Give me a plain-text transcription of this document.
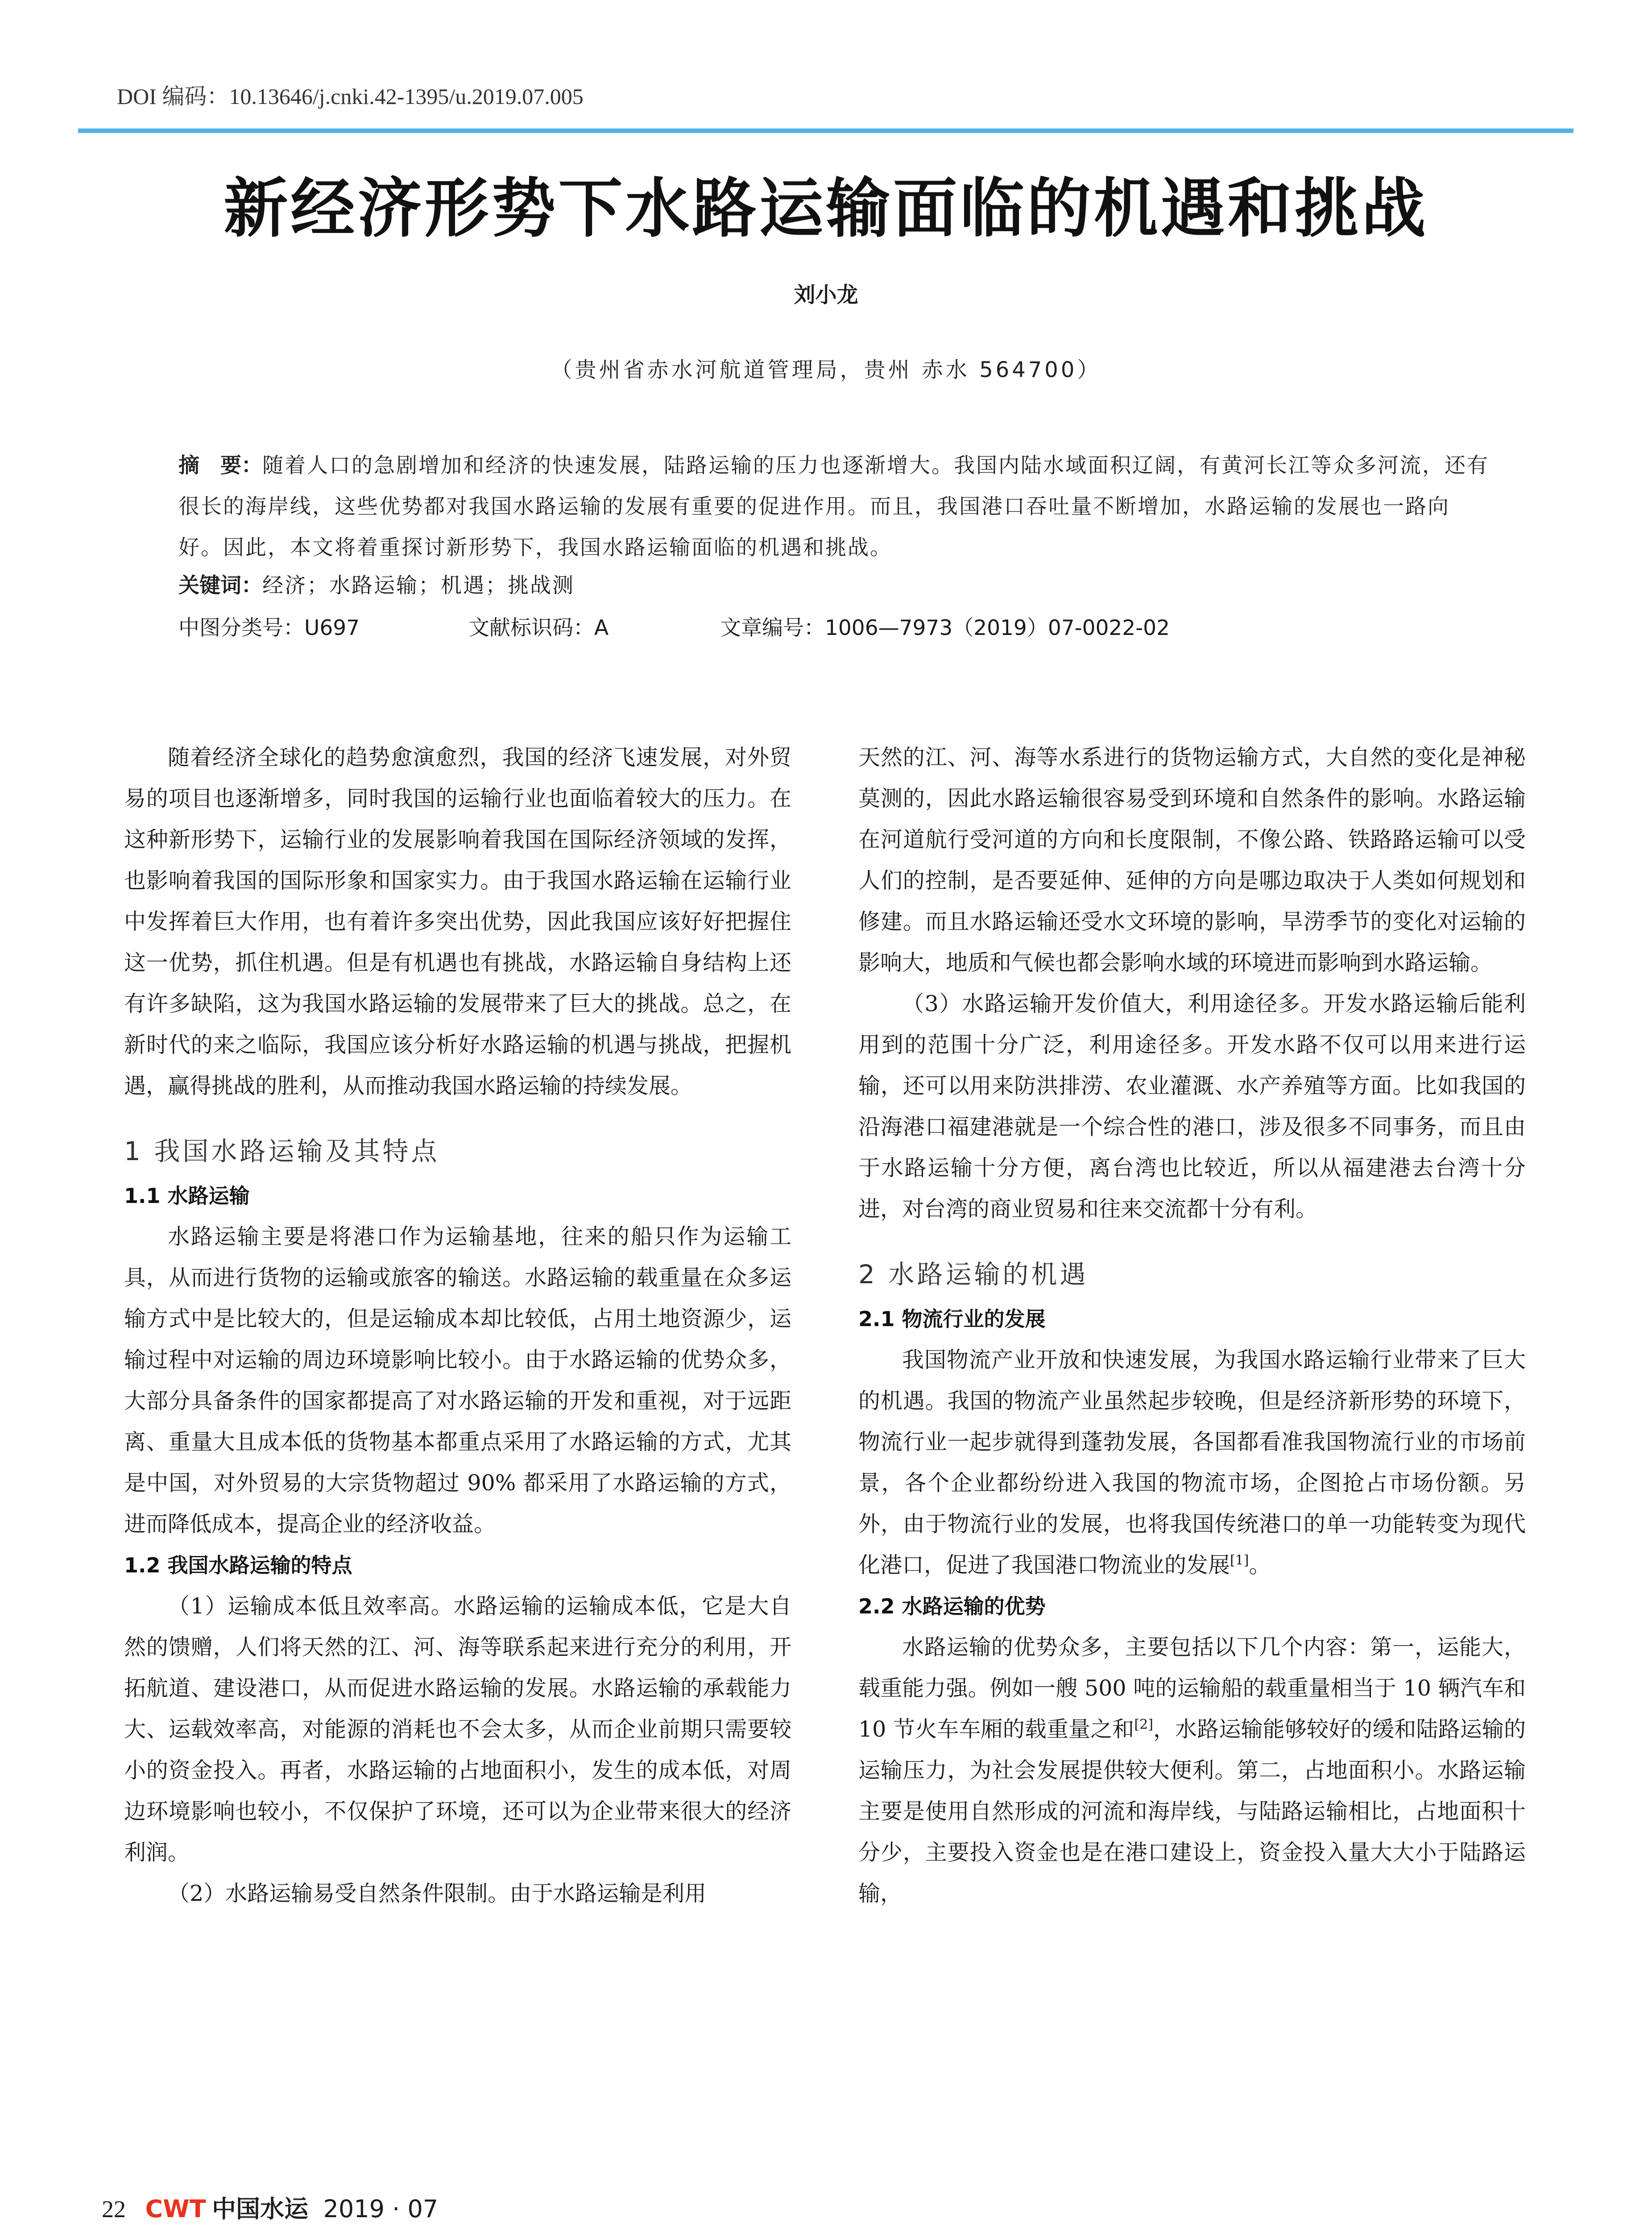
DOI 编码：10.13646/j.cnki.42-1395/u.2019.07.005
新经济形势下水路运输面临的机遇和挑战
刘小龙
（贵州省赤水河航道管理局，贵州 赤水 564700）
摘　要：随着人口的急剧增加和经济的快速发展，陆路运输的压力也逐渐增大。我国内陆水域面积辽阔，有黄河长江等众多河流，还有很长的海岸线，这些优势都对我国水路运输的发展有重要的促进作用。而且，我国港口吞吐量不断增加，水路运输的发展也一路向好。因此，本文将着重探讨新形势下，我国水路运输面临的机遇和挑战。
关键词：经济；水路运输；机遇；挑战测
中图分类号：U697	文献标识码：A	文章编号：1006—7973（2019）07-0022-02

随着经济全球化的趋势愈演愈烈，我国的经济飞速发展，对外贸易的项目也逐渐增多，同时我国的运输行业也面临着较大的压力。在这种新形势下，运输行业的发展影响着我国在国际经济领域的发挥，也影响着我国的国际形象和国家实力。由于我国水路运输在运输行业中发挥着巨大作用，也有着许多突出优势，因此我国应该好好把握住这一优势，抓住机遇。但是有机遇也有挑战，水路运输自身结构上还有许多缺陷，这为我国水路运输的发展带来了巨大的挑战。总之，在新时代的来之临际，我国应该分析好水路运输的机遇与挑战，把握机遇，赢得挑战的胜利，从而推动我国水路运输的持续发展。

1 我国水路运输及其特点
1.1 水路运输

水路运输主要是将港口作为运输基地，往来的船只作为运输工具，从而进行货物的运输或旅客的输送。水路运输的载重量在众多运输方式中是比较大的，但是运输成本却比较低，占用土地资源少，运输过程中对运输的周边环境影响比较小。由于水路运输的优势众多，大部分具备条件的国家都提高了对水路运输的开发和重视，对于远距离、重量大且成本低的货物基本都重点采用了水路运输的方式，尤其是中国，对外贸易的大宗货物超过 90% 都采用了水路运输的方式，进而降低成本，提高企业的经济收益。

1.2 我国水路运输的特点

（1）运输成本低且效率高。水路运输的运输成本低，它是大自然的馈赠，人们将天然的江、河、海等联系起来进行充分的利用，开拓航道、建设港口，从而促进水路运输的发展。水路运输的承载能力大、运载效率高，对能源的消耗也不会太多，从而企业前期只需要较小的资金投入。再者，水路运输的占地面积小，发生的成本低，对周边环境影响也较小，不仅保护了环境，还可以为企业带来很大的经济利润。

（2）水路运输易受自然条件限制。由于水路运输是利用

天然的江、河、海等水系进行的货物运输方式，大自然的变化是神秘莫测的，因此水路运输很容易受到环境和自然条件的影响。水路运输在河道航行受河道的方向和长度限制，不像公路、铁路路运输可以受人们的控制，是否要延伸、延伸的方向是哪边取决于人类如何规划和修建。而且水路运输还受水文环境的影响，旱涝季节的变化对运输的影响大，地质和气候也都会影响水域的环境进而影响到水路运输。

（3）水路运输开发价值大，利用途径多。开发水路运输后能利用到的范围十分广泛，利用途径多。开发水路不仅可以用来进行运输，还可以用来防洪排涝、农业灌溉、水产养殖等方面。比如我国的沿海港口福建港就是一个综合性的港口，涉及很多不同事务，而且由于水路运输十分方便，离台湾也比较近，所以从福建港去台湾十分进，对台湾的商业贸易和往来交流都十分有利。

2 水路运输的机遇
2.1 物流行业的发展

我国物流产业开放和快速发展，为我国水路运输行业带来了巨大的机遇。我国的物流产业虽然起步较晚，但是经济新形势的环境下，物流行业一起步就得到蓬勃发展，各国都看准我国物流行业的市场前景，各个企业都纷纷进入我国的物流市场，企图抢占市场份额。另外，由于物流行业的发展，也将我国传统港口的单一功能转变为现代化港口，促进了我国港口物流业的发展[1]。

2.2 水路运输的优势

水路运输的优势众多，主要包括以下几个内容：第一，运能大，载重能力强。例如一艘 500 吨的运输船的载重量相当于 10 辆汽车和 10 节火车车厢的载重量之和[2]，水路运输能够较好的缓和陆路运输的运输压力，为社会发展提供较大便利。第二，占地面积小。水路运输主要是使用自然形成的河流和海岸线，与陆路运输相比，占地面积十分少，主要投入资金也是在港口建设上，资金投入量大大小于陆路运输，

22 CWT 中国水运 2019 · 07
